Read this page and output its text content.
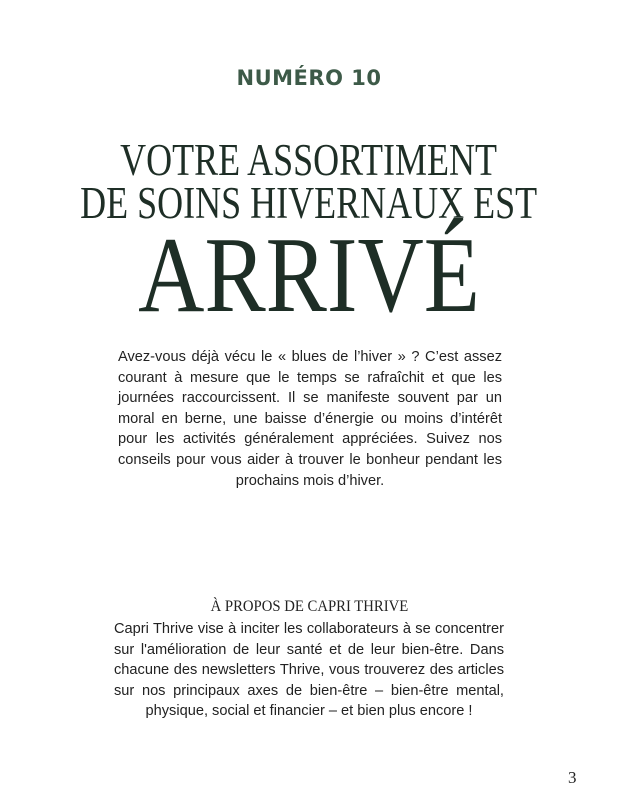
NUMÉRO 10
VOTRE ASSORTIMENT
DE SOINS HIVERNAUX EST
ARRIVÉ
Avez-vous déjà vécu le « blues de l’hiver » ? C’est assez courant à mesure que le temps se rafraîchit et que les journées raccourcissent. Il se manifeste souvent par un moral en berne, une baisse d’énergie ou moins d’intérêt pour les activités généralement appréciées. Suivez nos conseils pour vous aider à trouver le bonheur pendant les prochains mois d’hiver.
À PROPOS DE CAPRI THRIVE
Capri Thrive vise à inciter les collaborateurs à se concentrer sur l'amélioration de leur santé et de leur bien-être. Dans chacune des newsletters Thrive, vous trouverez des articles sur nos principaux axes de bien-être – bien-être mental, physique, social et financier – et bien plus encore !
3
